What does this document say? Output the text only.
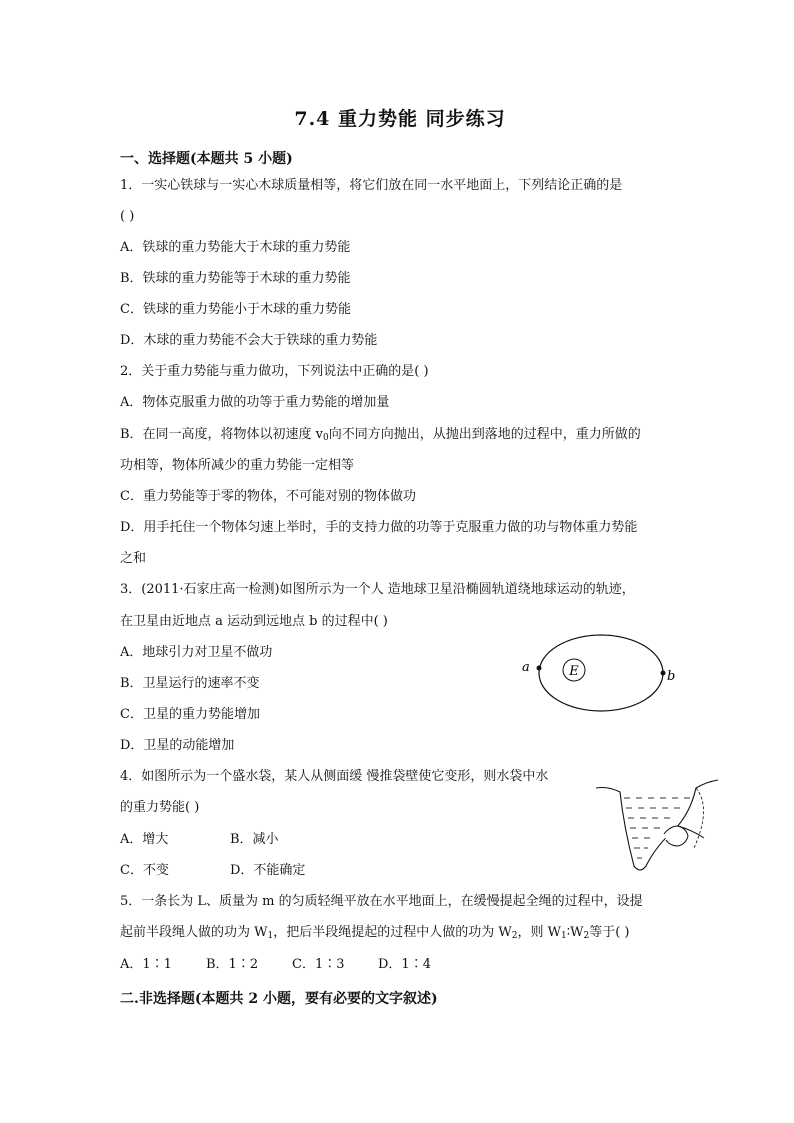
7.4 重力势能 同步练习
一、选择题(本题共 5 小题)
1．一实心铁球与一实心木球质量相等，将它们放在同一水平地面上，下列结论正确的是
( )
A．铁球的重力势能大于木球的重力势能
B．铁球的重力势能等于木球的重力势能
C．铁球的重力势能小于木球的重力势能
D．木球的重力势能不会大于铁球的重力势能
2．关于重力势能与重力做功，下列说法中正确的是( )
A．物体克服重力做的功等于重力势能的增加量
B．在同一高度，将物体以初速度 $v_0$向不同方向抛出，从抛出到落地的过程中，重力所做的
功相等，物体所减少的重力势能一定相等
C．重力势能等于零的物体，不可能对别的物体做功
D．用手托住一个物体匀速上举时，手的支持力做的功等于克服重力做的功与物体重力势能
之和
3．(2011·石家庄高一检测)如图所示为一个人 造地球卫星沿椭圆轨道绕地球运动的轨迹，
在卫星由近地点 a 运动到远地点 b 的过程中( )
A．地球引力对卫星不做功
B．卫星运行的速率不变
C．卫星的重力势能增加
D．卫星的动能增加
4．如图所示为一个盛水袋，某人从侧面缓 慢推袋壁使它变形，则水袋中水
的重力势能( )
A．增大	B．减小
C．不变	D．不能确定
5．一条长为 L、质量为 m 的匀质轻绳平放在水平地面上，在缓慢提起全绳的过程中，设提
起前半段绳人做的功为 $W_1$，把后半段绳提起的过程中人做的功为 $W_2$，则 $W_1∶W_2$等于( )
A．1∶1	B．1∶2	C．1∶3	D．1∶4
二.非选择题(本题共 2 小题，要有必要的文字叙述)
E
a
b
